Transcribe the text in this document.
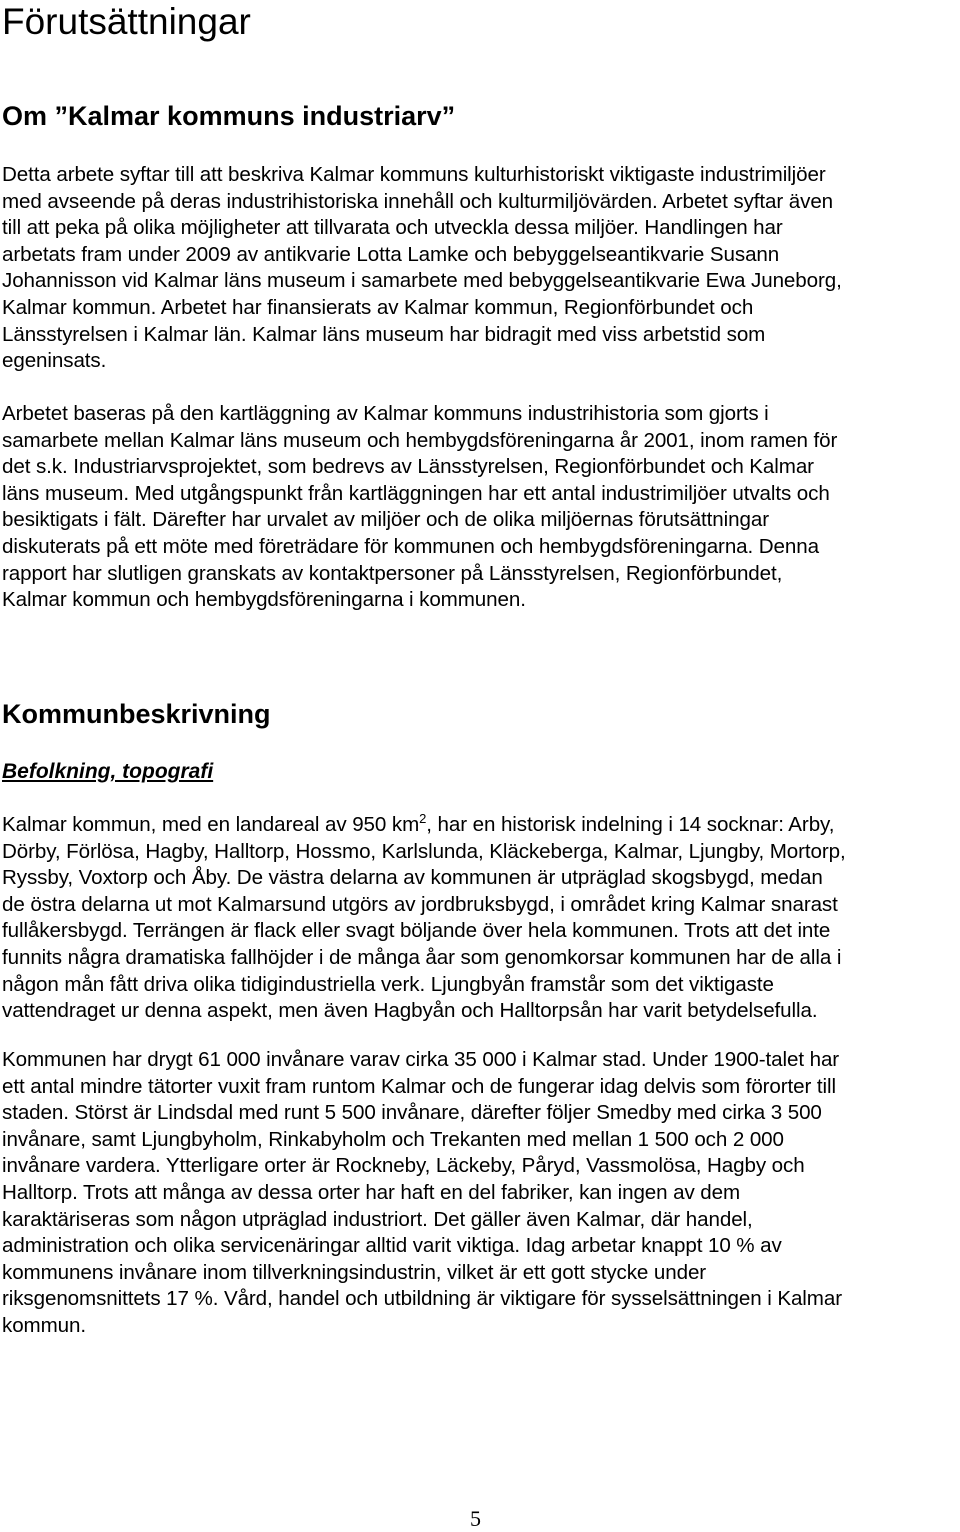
Förutsättningar
Om ”Kalmar kommuns industriarv”
Detta arbete syftar till att beskriva Kalmar kommuns kulturhistoriskt viktigaste industrimiljöer
med avseende på deras industrihistoriska innehåll och kulturmiljövärden. Arbetet syftar även
till att peka på olika möjligheter att tillvarata och utveckla dessa miljöer. Handlingen har
arbetats fram under 2009 av antikvarie Lotta Lamke och bebyggelseantikvarie Susann
Johannisson vid Kalmar läns museum i samarbete med bebyggelseantikvarie Ewa Juneborg,
Kalmar kommun. Arbetet har finansierats av Kalmar kommun, Regionförbundet och
Länsstyrelsen i Kalmar län. Kalmar läns museum har bidragit med viss arbetstid som
egeninsats.
Arbetet baseras på den kartläggning av Kalmar kommuns industrihistoria som gjorts i
samarbete mellan Kalmar läns museum och hembygdsföreningarna år 2001, inom ramen för
det s.k. Industriarvsprojektet, som bedrevs av Länsstyrelsen, Regionförbundet och Kalmar
läns museum. Med utgångspunkt från kartläggningen har ett antal industrimiljöer utvalts och
besiktigats i fält. Därefter har urvalet av miljöer och de olika miljöernas förutsättningar
diskuterats på ett möte med företrädare för kommunen och hembygdsföreningarna. Denna
rapport har slutligen granskats av kontaktpersoner på Länsstyrelsen, Regionförbundet,
Kalmar kommun och hembygdsföreningarna i kommunen.
Kommunbeskrivning
Befolkning, topografi
Kalmar kommun, med en landareal av 950 $km^2$, har en historisk indelning i 14 socknar: Arby,
Dörby, Förlösa, Hagby, Halltorp, Hossmo, Karlslunda, Kläckeberga, Kalmar, Ljungby, Mortorp,
Ryssby, Voxtorp och Åby. De västra delarna av kommunen är utpräglad skogsbygd, medan
de östra delarna ut mot Kalmarsund utgörs av jordbruksbygd, i området kring Kalmar snarast
fullåkersbygd. Terrängen är flack eller svagt böljande över hela kommunen. Trots att det inte
funnits några dramatiska fallhöjder i de många åar som genomkorsar kommunen har de alla i
någon mån fått driva olika tidigindustriella verk. Ljungbyån framstår som det viktigaste
vattendraget ur denna aspekt, men även Hagbyån och Halltorpsån har varit betydelsefulla.
Kommunen har drygt 61 000 invånare varav cirka 35 000 i Kalmar stad. Under 1900-talet har
ett antal mindre tätorter vuxit fram runtom Kalmar och de fungerar idag delvis som förorter till
staden. Störst är Lindsdal med runt 5 500 invånare, därefter följer Smedby med cirka 3 500
invånare, samt Ljungbyholm, Rinkabyholm och Trekanten med mellan 1 500 och 2 000
invånare vardera. Ytterligare orter är Rockneby, Läckeby, Påryd, Vassmolösa, Hagby och
Halltorp. Trots att många av dessa orter har haft en del fabriker, kan ingen av dem
karaktäriseras som någon utpräglad industriort. Det gäller även Kalmar, där handel,
administration och olika servicenäringar alltid varit viktiga. Idag arbetar knappt 10 % av
kommunens invånare inom tillverkningsindustrin, vilket är ett gott stycke under
riksgenomsnittets 17 %. Vård, handel och utbildning är viktigare för sysselsättningen i Kalmar
kommun.
5
